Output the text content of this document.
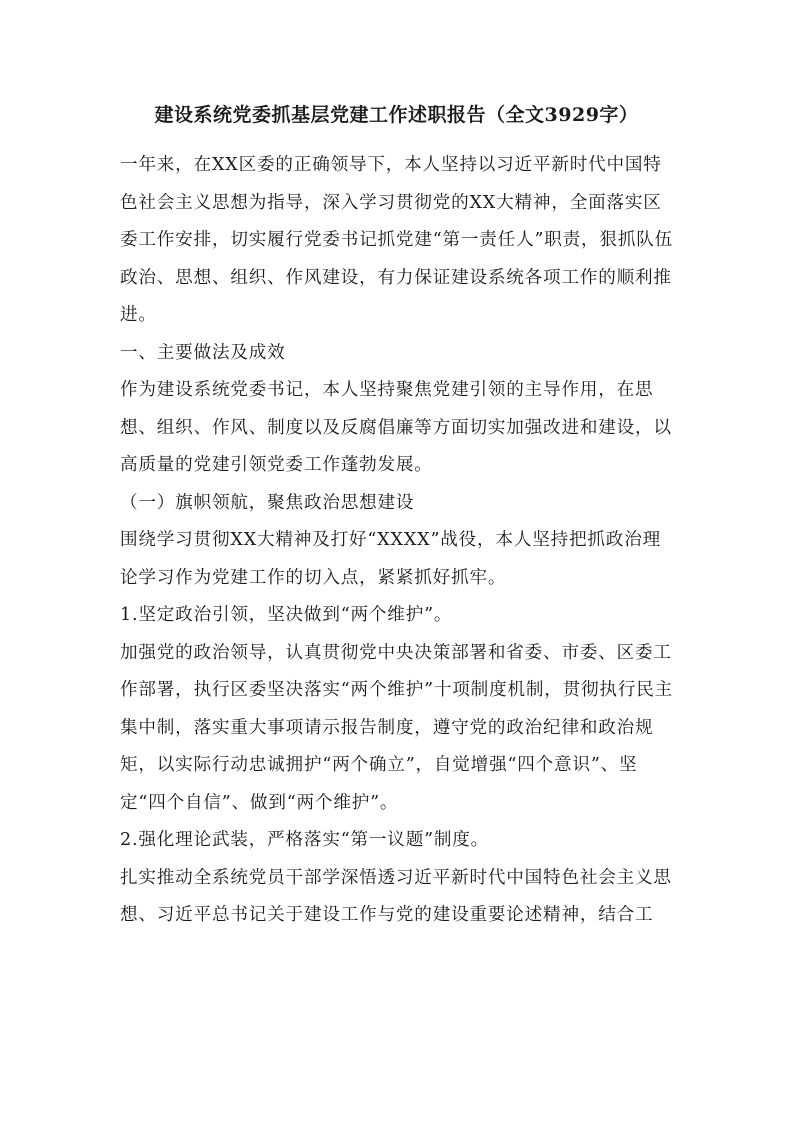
建设系统党委抓基层党建工作述职报告（全文3929字）

一年来，在XX区委的正确领导下，本人坚持以习近平新时代中国特色社会主义思想为指导，深入学习贯彻党的XX大精神，全面落实区委工作安排，切实履行党委书记抓党建“第一责任人”职责，狠抓队伍政治、思想、组织、作风建设，有力保证建设系统各项工作的顺利推进。

一、主要做法及成效

作为建设系统党委书记，本人坚持聚焦党建引领的主导作用，在思想、组织、作风、制度以及反腐倡廉等方面切实加强改进和建设，以高质量的党建引领党委工作蓬勃发展。

（一）旗帜领航，聚焦政治思想建设

围绕学习贯彻XX大精神及打好“XXXX”战役，本人坚持把抓政治理论学习作为党建工作的切入点，紧紧抓好抓牢。

1.坚定政治引领，坚决做到“两个维护”。

加强党的政治领导，认真贯彻党中央决策部署和省委、市委、区委工作部署，执行区委坚决落实“两个维护”十项制度机制，贯彻执行民主集中制，落实重大事项请示报告制度，遵守党的政治纪律和政治规矩，以实际行动忠诚拥护“两个确立”，自觉增强“四个意识”、坚定“四个自信”、做到“两个维护”。

2.强化理论武装，严格落实“第一议题”制度。

扎实推动全系统党员干部学深悟透习近平新时代中国特色社会主义思想、习近平总书记关于建设工作与党的建设重要论述精神，结合工
